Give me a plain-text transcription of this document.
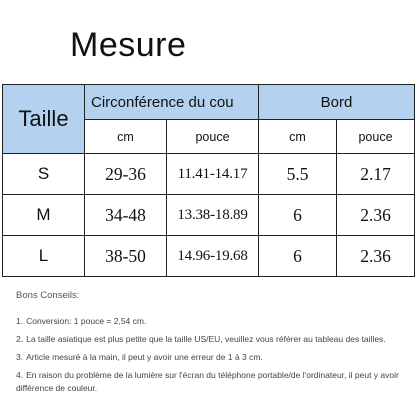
Mesure
Taille	Circonférence du cou		Bord	
	cm	pouce	cm	pouce
S	29-36	11.41-14.17	5.5	2.17
M	34-48	13.38-18.89	6	2.36
L	38-50	14.96-19.68	6	2.36
Bons Conseils:
1. Conversion: 1 pouce = 2,54 cm.
2. La taille asiatique est plus petite que la taille US/EU, veuillez vous référer au tableau des tailles.
3. Article mesuré à la main, il peut y avoir une erreur de 1 à 3 cm.
4. En raison du problème de la lumière sur l'écran du téléphone portable/de l'ordinateur, il peut y avoir différence de couleur.
